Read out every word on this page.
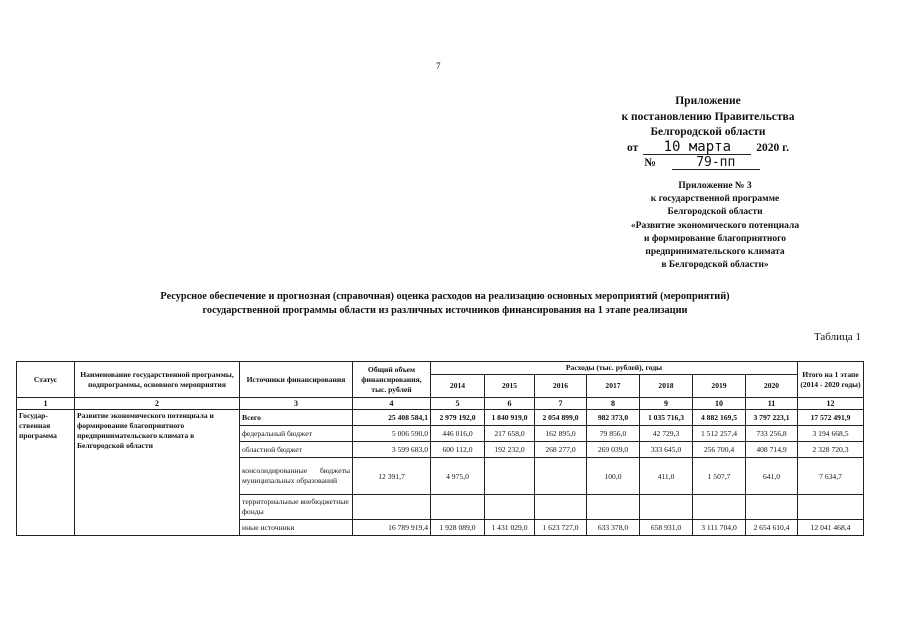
7
Приложение
к постановлению Правительства
Белгородской области
от	10 марта	2020 г.
№	79-пп
Приложение № 3
к государственной программе
Белгородской области
«Развитие экономического потенциала
и формирование благоприятного
предпринимательского климата
в Белгородской области»
Ресурсное обеспечение и прогнозная (справочная) оценка расходов на реализацию основных мероприятий (мероприятий)
государственной программы области из различных источников финансирования на 1 этапе реализации
Таблица 1
Статус	Наименование государственной программы, подпрограммы, основного мероприятия	Источники финансирования	Общий объем финансирования, тыс. рублей	Расходы (тыс. рублей), годы							Итого на 1 этапе (2014 - 2020 годы)
				2014	2015	2016	2017	2018	2019	2020	
1	2	3	4	5	6	7	8	9	10	11	12
Государ-ственная программа	Развитие экономического потенциала и формирование благоприятного предпринимательского климата в Белгородской области	Всего	25 408 584,1	2 979 192,0	1 840 919,0	2 054 899,0	982 373,0	1 035 716,3	4 882 169,5	3 797 223,1	17 572 491,9
		федеральный бюджет	5 006 590,0	446 016,0	217 658,0	162 895,0	79 856,0	42 729,3	1 512 257,4	733 256,8	3 194 668,5
		областной бюджет	3 599 683,0	600 112,0	192 232,0	268 277,0	269 039,0	333 645,0	256 700,4	408 714,9	2 328 720,3
		консолидированные бюджеты муниципальных образований	12 391,7	4 975,0			100,0	411,0	1 507,7	641,0	7 634,7
		территориальные внебюджетные фонды									
		иные источники	16 789 919,4	1 928 089,0	1 431 029,0	1 623 727,0	633 378,0	658 931,0	3 111 704,0	2 654 610,4	12 041 468,4
